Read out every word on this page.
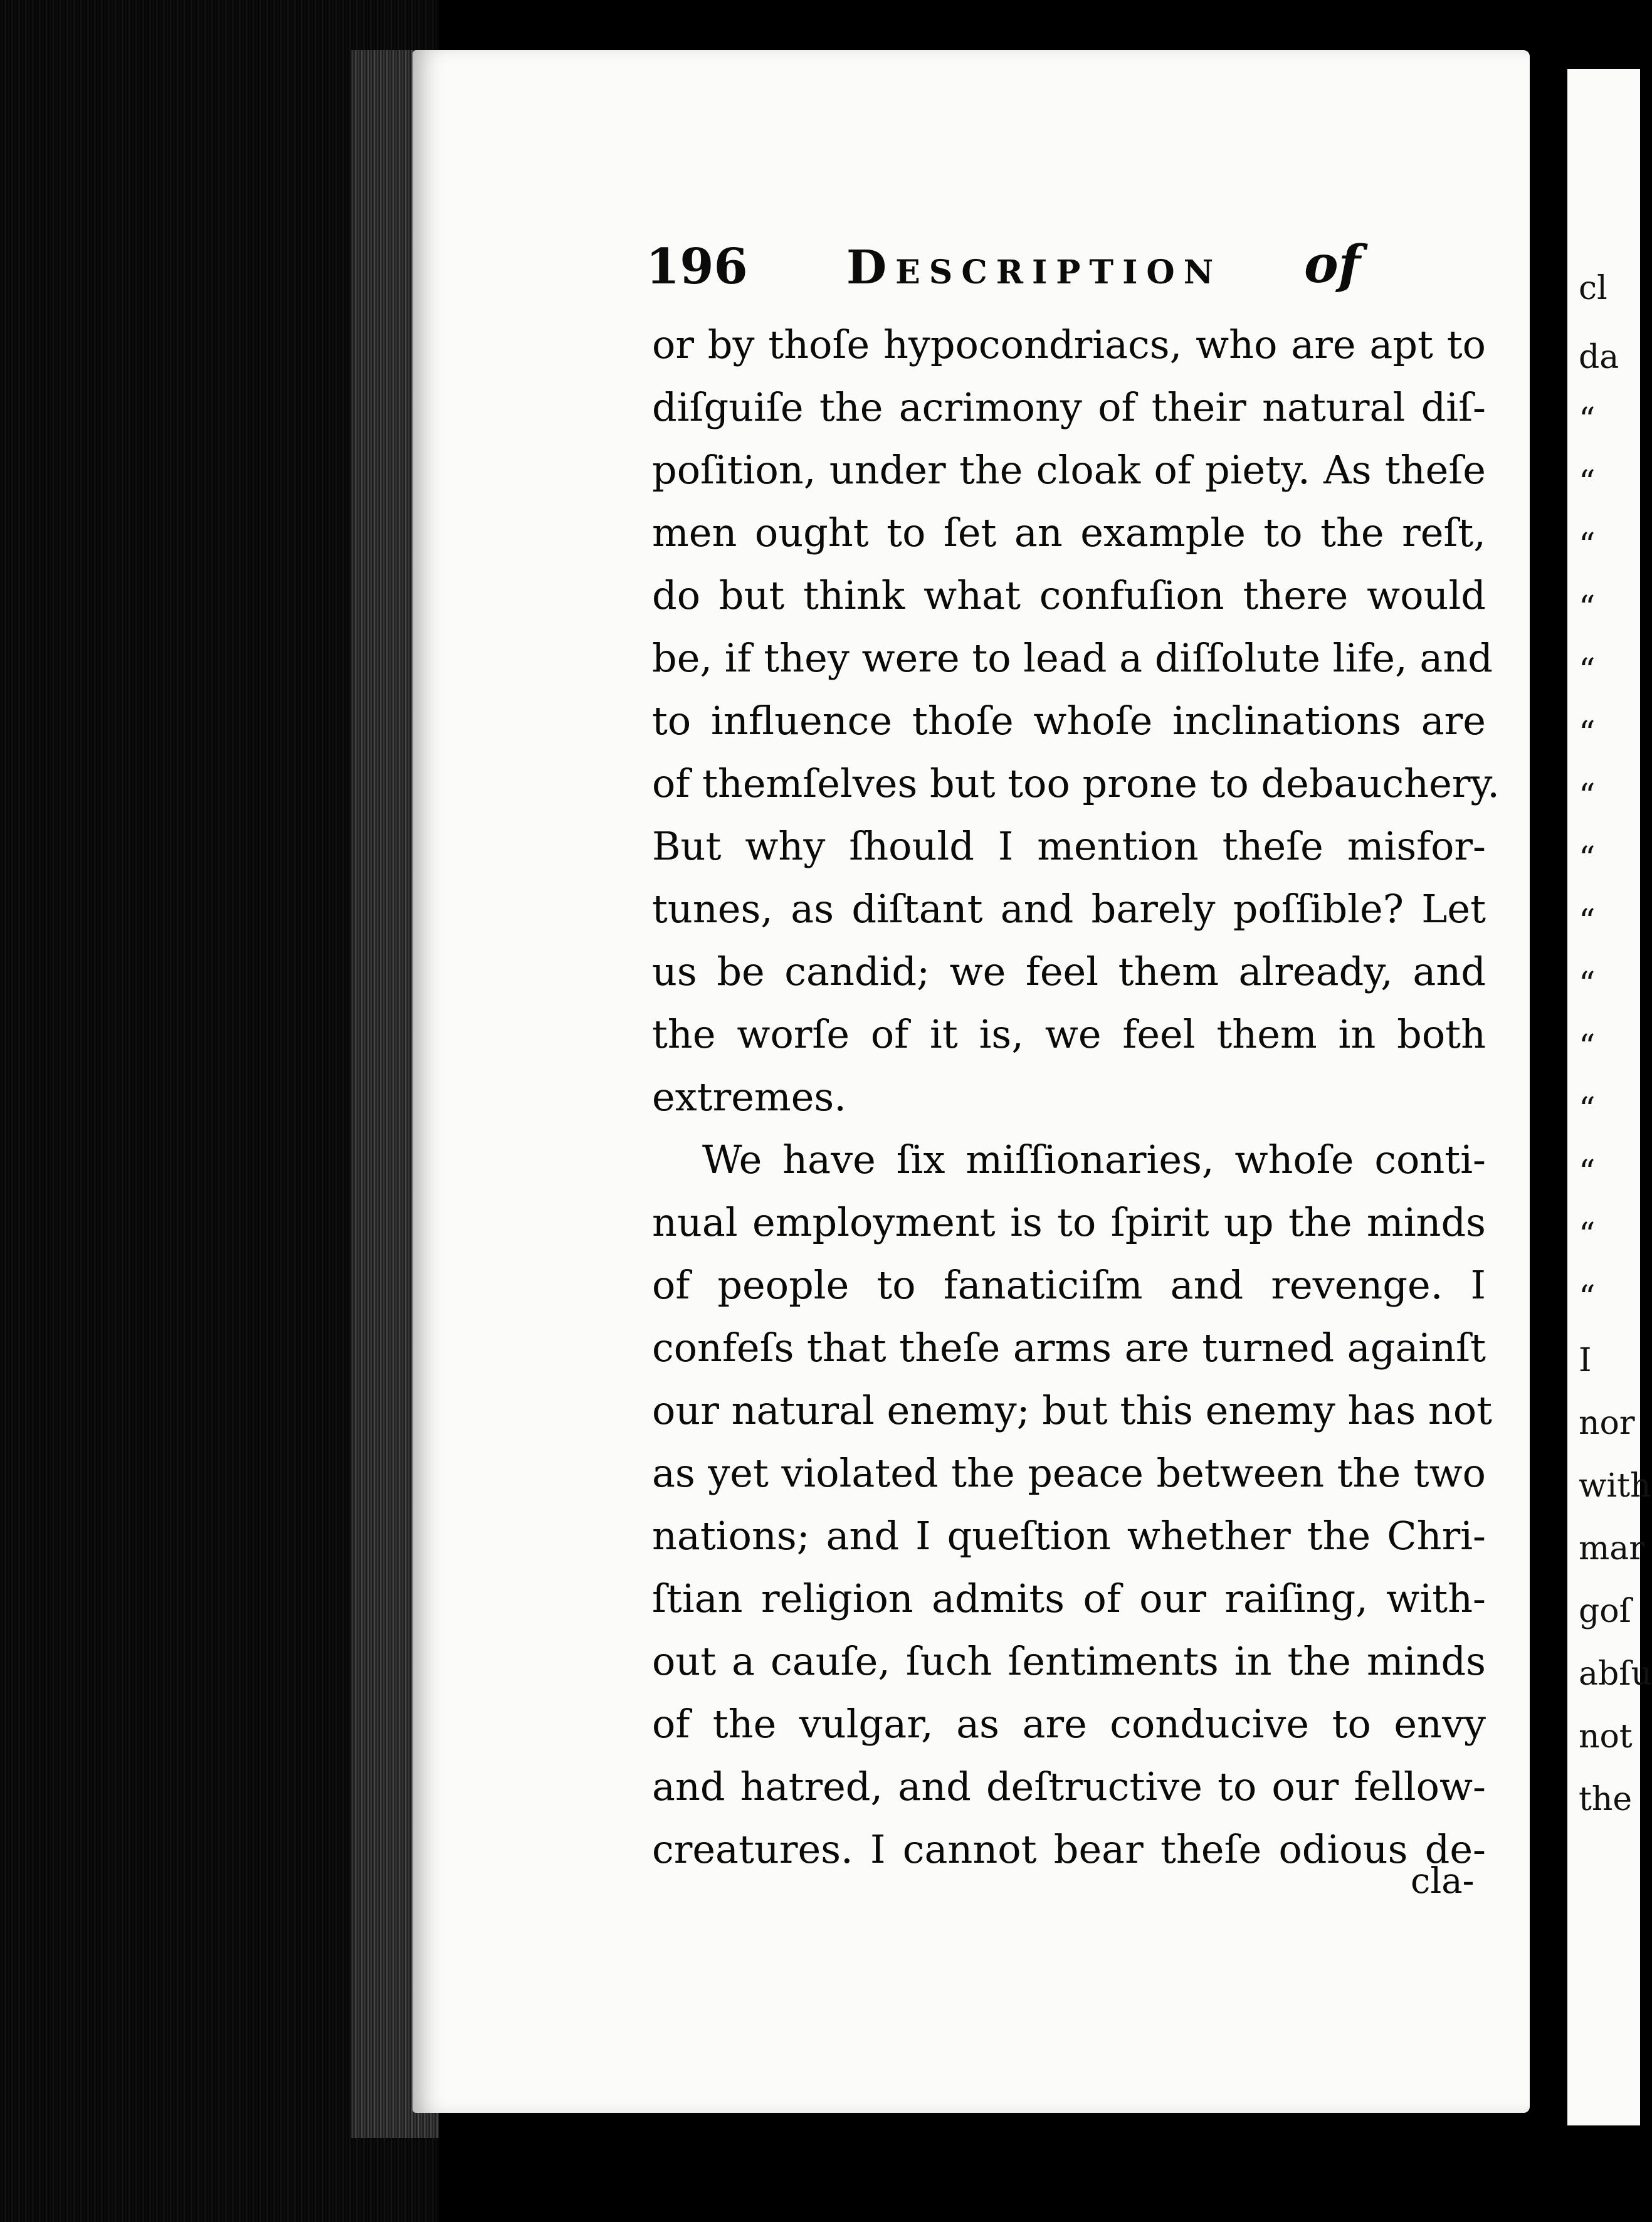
cl
da
“
“
“
“
“
“
“
“
“
“
“
“
“
“
“
I
nor
with
mar
goſ
abſu
not
the
196 Description of
or by thoſe hypocondriacs, who are apt to
diſguiſe the acrimony of their natural diſ-
poſition, under the cloak of piety. As theſe
men ought to ſet an example to the reſt,
do but think what confuſion there would
be, if they were to lead a diſſolute life, and
to influence thoſe whoſe inclinations are
of themſelves but too prone to debauchery.
But why ſhould I mention theſe misfor-
tunes, as diſtant and barely poſſible? Let
us be candid; we feel them already, and
the worſe of it is, we feel them in both
extremes.
We have ſix miſſionaries, whoſe conti-
nual employment is to ſpirit up the minds
of people to fanaticiſm and revenge. I
confeſs that theſe arms are turned againſt
our natural enemy; but this enemy has not
as yet violated the peace between the two
nations; and I queſtion whether the Chri-
ſtian religion admits of our raiſing, with-
out a cauſe, ſuch ſentiments in the minds
of the vulgar, as are conducive to envy
and hatred, and deſtructive to our fellow-
creatures. I cannot bear theſe odious de-
cla-
